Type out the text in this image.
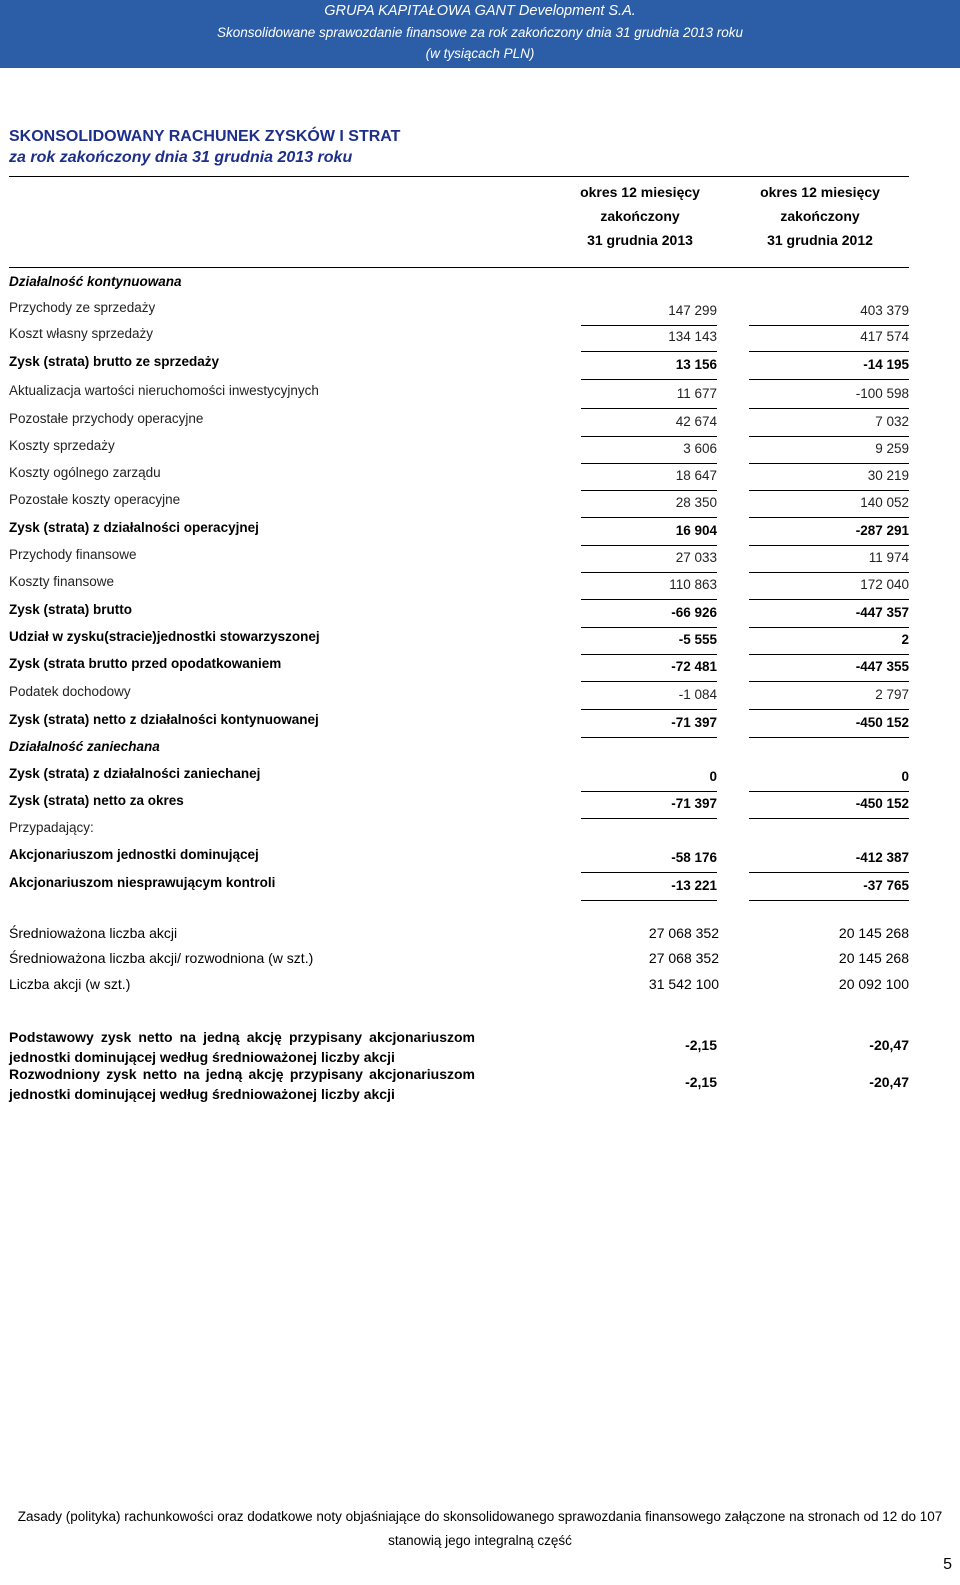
GRUPA KAPITAŁOWA GANT Development S.A.
Skonsolidowane sprawozdanie finansowe za rok zakończony dnia 31 grudnia 2013 roku
(w tysiącach PLN)
SKONSOLIDOWANY RACHUNEK ZYSKÓW I STRAT
za rok zakończony dnia 31 grudnia 2013 roku
okres 12 miesięcy
zakończony
31 grudnia 2013
okres 12 miesięcy
zakończony
31 grudnia 2012
Działalność kontynuowana
Przychody ze sprzedaży	147 299	403 379
Koszt własny sprzedaży	134 143	417 574
Zysk (strata) brutto ze sprzedaży	13 156	-14 195
Aktualizacja wartości nieruchomości inwestycyjnych	11 677	-100 598
Pozostałe przychody operacyjne	42 674	7 032
Koszty sprzedaży	3 606	9 259
Koszty ogólnego zarządu	18 647	30 219
Pozostałe koszty operacyjne	28 350	140 052
Zysk (strata) z działalności operacyjnej	16 904	-287 291
Przychody finansowe	27 033	11 974
Koszty finansowe	110 863	172 040
Zysk (strata) brutto	-66 926	-447 357
Udział w zysku(stracie)jednostki stowarzyszonej	-5 555	2
Zysk (strata brutto przed opodatkowaniem	-72 481	-447 355
Podatek dochodowy	-1 084	2 797
Zysk (strata) netto z działalności kontynuowanej	-71 397	-450 152
Działalność zaniechana
Zysk (strata) z działalności zaniechanej	0	0
Zysk (strata) netto za okres	-71 397	-450 152
Przypadający:
Akcjonariuszom jednostki dominującej	-58 176	-412 387
Akcjonariuszom niesprawującym kontroli	-13 221	-37 765
Średnioważona liczba akcji	27 068 352	20 145 268
Średnioważona liczba akcji/ rozwodniona (w szt.)	27 068 352	20 145 268
Liczba akcji (w szt.)	31 542 100	20 092 100
Podstawowy zysk netto na jedną akcję przypisany akcjonariuszom jednostki dominującej według średnioważonej liczby akcji
-2,15	-20,47
Rozwodniony zysk netto na jedną akcję przypisany akcjonariuszom jednostki dominującej według średnioważonej liczby akcji
-2,15	-20,47
Zasady (polityka) rachunkowości oraz dodatkowe noty objaśniające do skonsolidowanego sprawozdania finansowego załączone na stronach od 12 do 107
stanowią jego integralną część
5
